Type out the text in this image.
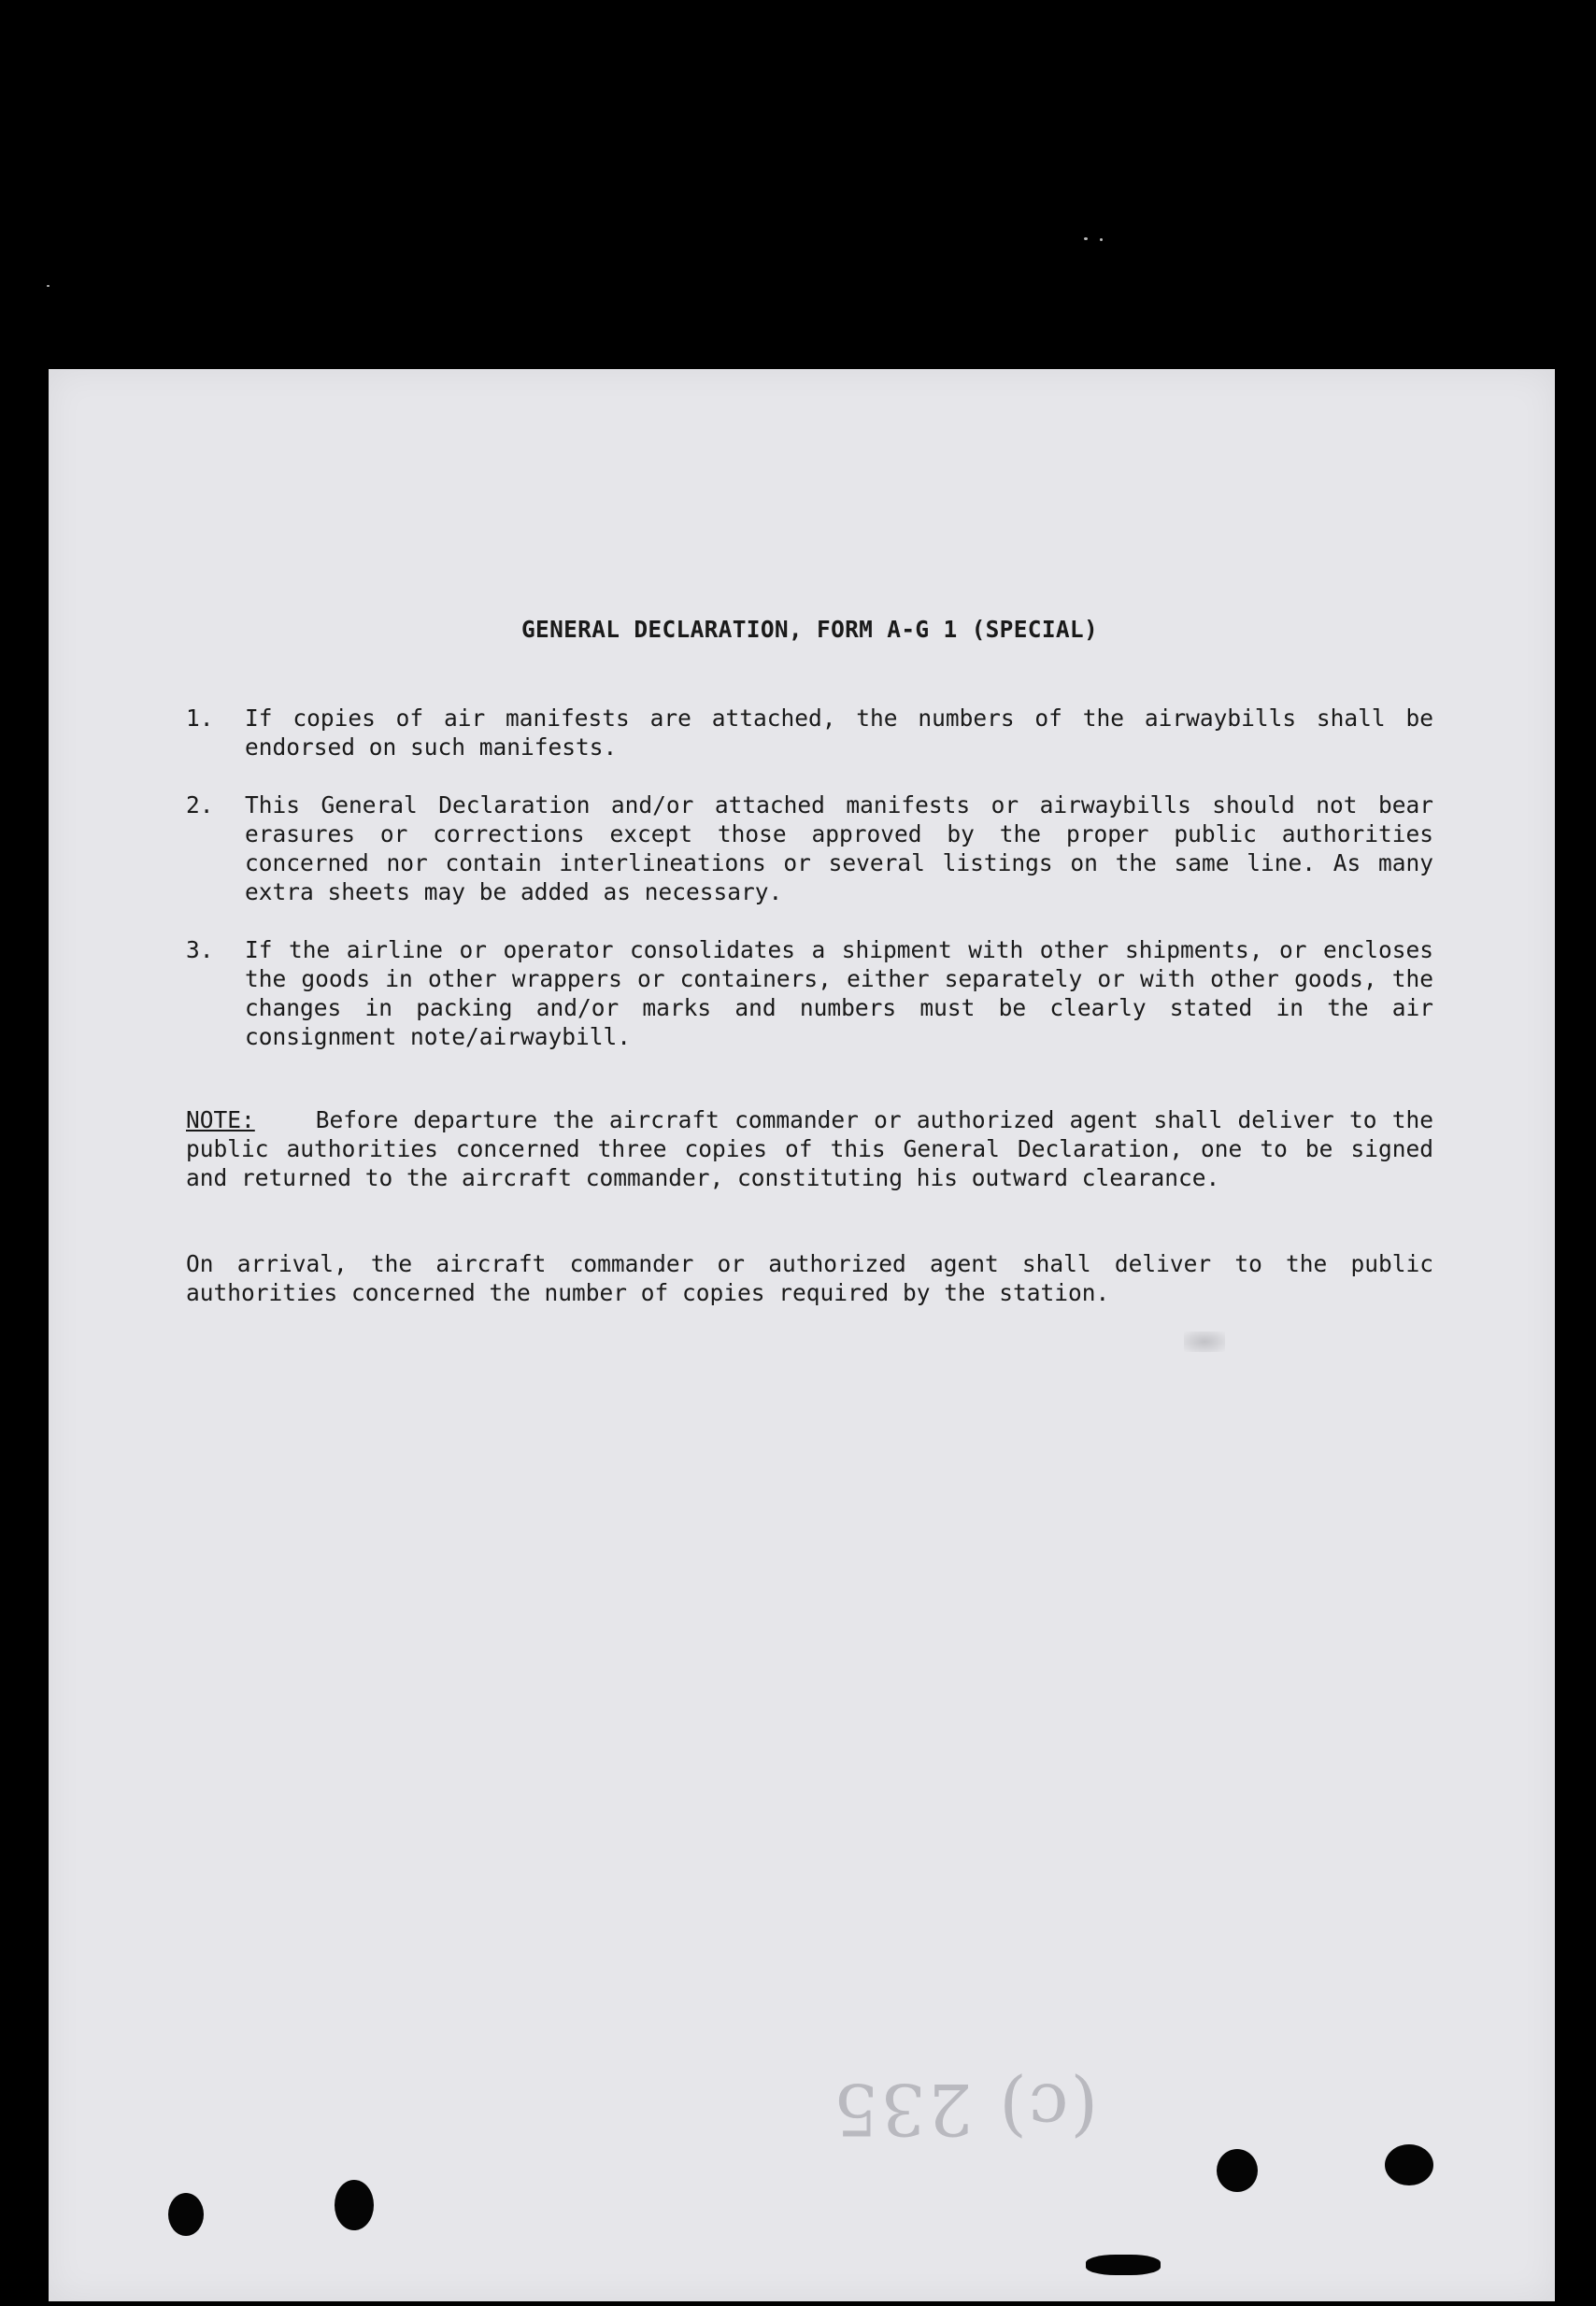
GENERAL DECLARATION, FORM A-G 1 (SPECIAL)
1.	If copies of air manifests are attached, the numbers of the airwaybills shall be endorsed on such manifests.
2.	This General Declaration and/or attached manifests or airwaybills should not bear erasures or corrections except those approved by the proper public authorities concerned nor contain interlineations or several listings on the same line. As many extra sheets may be added as necessary.
3.	If the airline or operator consolidates a shipment with other shipments, or encloses the goods in other wrappers or containers, either separately or with other goods, the changes in packing and/or marks and numbers must be clearly stated in the air consignment note/airwaybill.
NOTE:	Before departure the aircraft commander or authorized agent shall deliver to the public authorities concerned three copies of this General Declaration, one to be signed and returned to the aircraft commander, constituting his outward clearance.
On arrival, the aircraft commander or authorized agent shall deliver to the public authorities concerned the number of copies required by the station.
(c) 235
